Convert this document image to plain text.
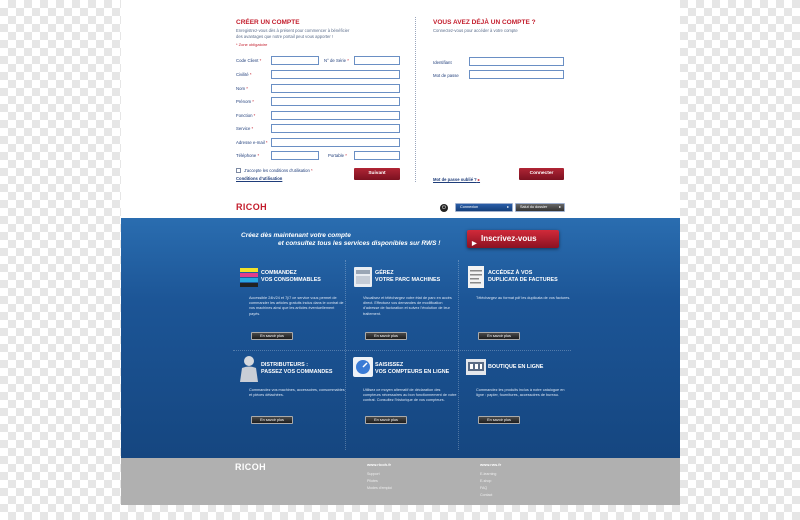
CRÉER UN COMPTE
Enregistrez-vous dès à présent pour commencer à bénéficier
des avantages que notre portail peut vous apporter !
* Zone obligatoire
Code Client *	N° de Série *
Civilité *
Nom *
Prénom *
Fonction *
Service *
Adresse e-mail *
Téléphone *	Portable *
J'accepte les conditions d'utilisation *
Conditions d'utilisation
Suivant
VOUS AVEZ DÉJÀ UN COMPTE ?
Connectez-vous pour accéder à votre compte
Identifiant
Mot de passe
Mot de passe oublié ? ▸
Connecter
RICOH	⏻	Connexion	▸	Salut du dossier	▸
Créez dès maintenant votre compte
et consultez tous les services disponibles sur RWS !	▶
Inscrivez-vous
COMMANDEZ
VOS CONSOMMABLES
Accessible 24h/24 et 7j/7 ce service vous permet de commander les articles gratuits inclus dans le contrat de vos machines ainsi que les articles éventuellement payés.
En savoir plus
GÉREZ
VOTRE PARC MACHINES
Visualisez et téléchargez votre état de parc en accès direct. Effectuez vos demandes de modification d'adresse de facturation et suivez l'évolution de leur traitement.
En savoir plus
ACCÉDEZ À VOS
DUPLICATA DE FACTURES
Téléchargez au format pdf les duplicata de vos factures.
En savoir plus
DISTRIBUTEURS :
PASSEZ VOS COMMANDES
Commandez vos machines, accessoires, consommables et pièces détachées.
En savoir plus
SAISISSEZ
VOS COMPTEURS EN LIGNE
Utilisez ce moyen alternatif de déclaration des compteurs nécessaires au bon fonctionnement de votre contrat. Consultez l'historique de vos compteurs.
En savoir plus
BOUTIQUE EN LIGNE
Commandez les produits inclus à notre catalogue en ligne : papier, fournitures, accessoires de bureau.
En savoir plus
RICOH	www.ricoh.fr
Support
Pilotes
Modes d'emploi
www.rws.fr
E-learning
E-shop
FAQ
Contact
